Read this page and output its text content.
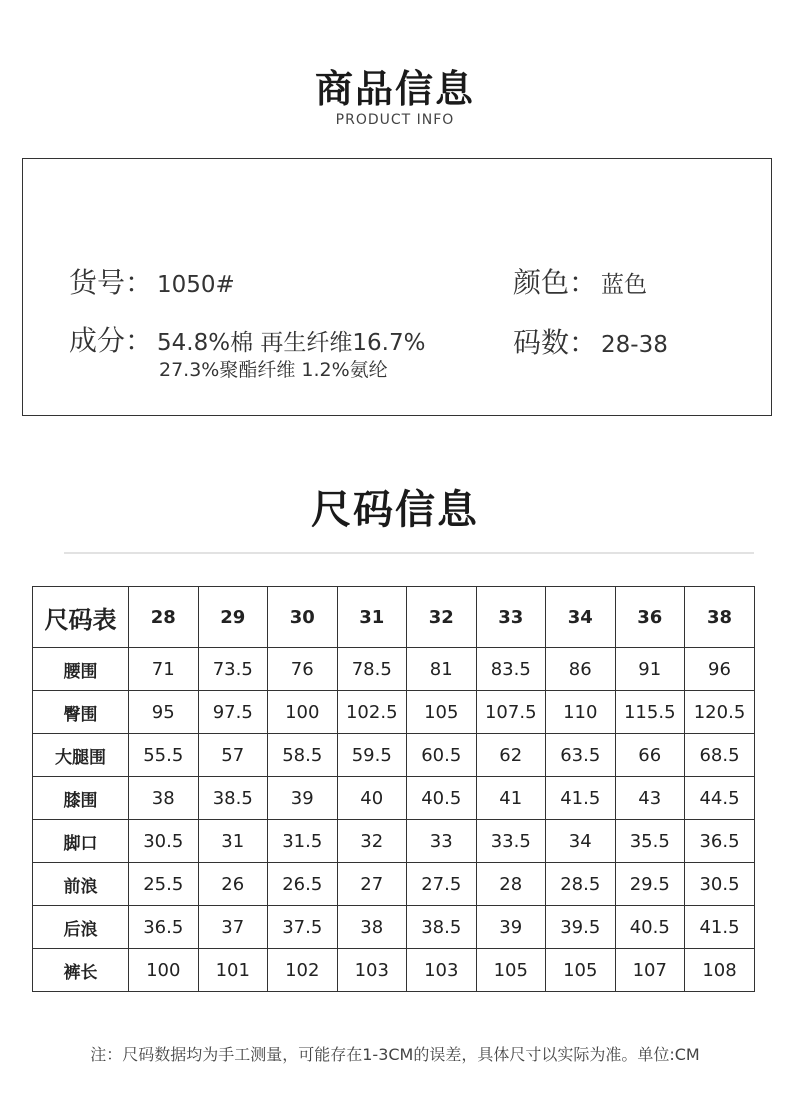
商品信息
PRODUCT INFO
货号： 1050#
成分： 54.8%棉 再生纤维16.7%
27.3%聚酯纤维 1.2%氨纶
颜色： 蓝色
码数： 28-38
尺码信息
尺码表	28	29	30	31	32	33	34	36	38
腰围	71	73.5	76	78.5	81	83.5	86	91	96
臀围	95	97.5	100	102.5	105	107.5	110	115.5	120.5
大腿围	55.5	57	58.5	59.5	60.5	62	63.5	66	68.5
膝围	38	38.5	39	40	40.5	41	41.5	43	44.5
脚口	30.5	31	31.5	32	33	33.5	34	35.5	36.5
前浪	25.5	26	26.5	27	27.5	28	28.5	29.5	30.5
后浪	36.5	37	37.5	38	38.5	39	39.5	40.5	41.5
裤长	100	101	102	103	103	105	105	107	108
注：尺码数据均为手工测量，可能存在1-3CM的误差，具体尺寸以实际为准。单位:CM
